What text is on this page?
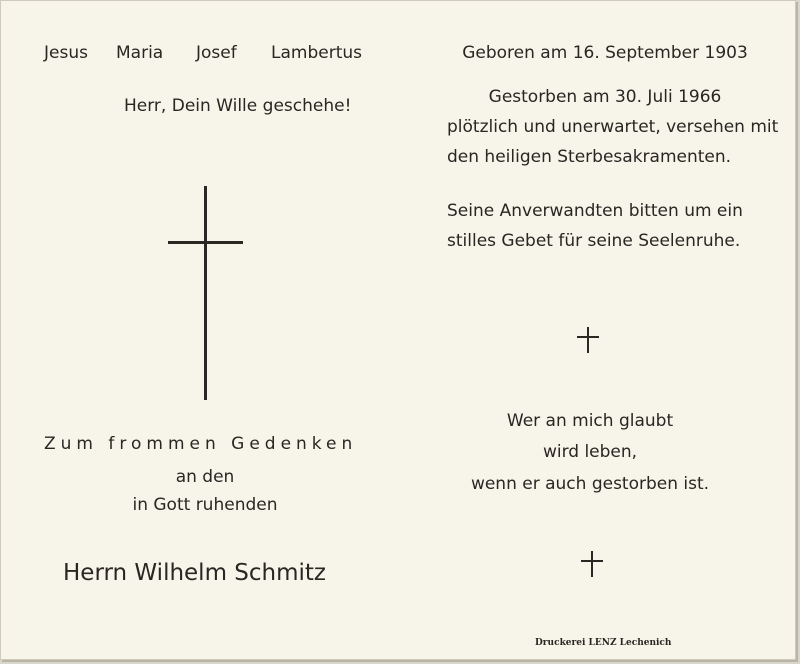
Jesus Maria Josef Lambertus
Herr, Dein Wille geschehe!
Zum frommen Gedenken
an den
in Gott ruhenden
Herrn Wilhelm Schmitz
Geboren am 16. September 1903
Gestorben am 30. Juli 1966
plötzlich und unerwartet, versehen mit
den heiligen Sterbesakramenten.
Seine Anverwandten bitten um ein
stilles Gebet für seine Seelenruhe.
Wer an mich glaubt
wird leben,
wenn er auch gestorben ist.
Druckerei LENZ Lechenich
